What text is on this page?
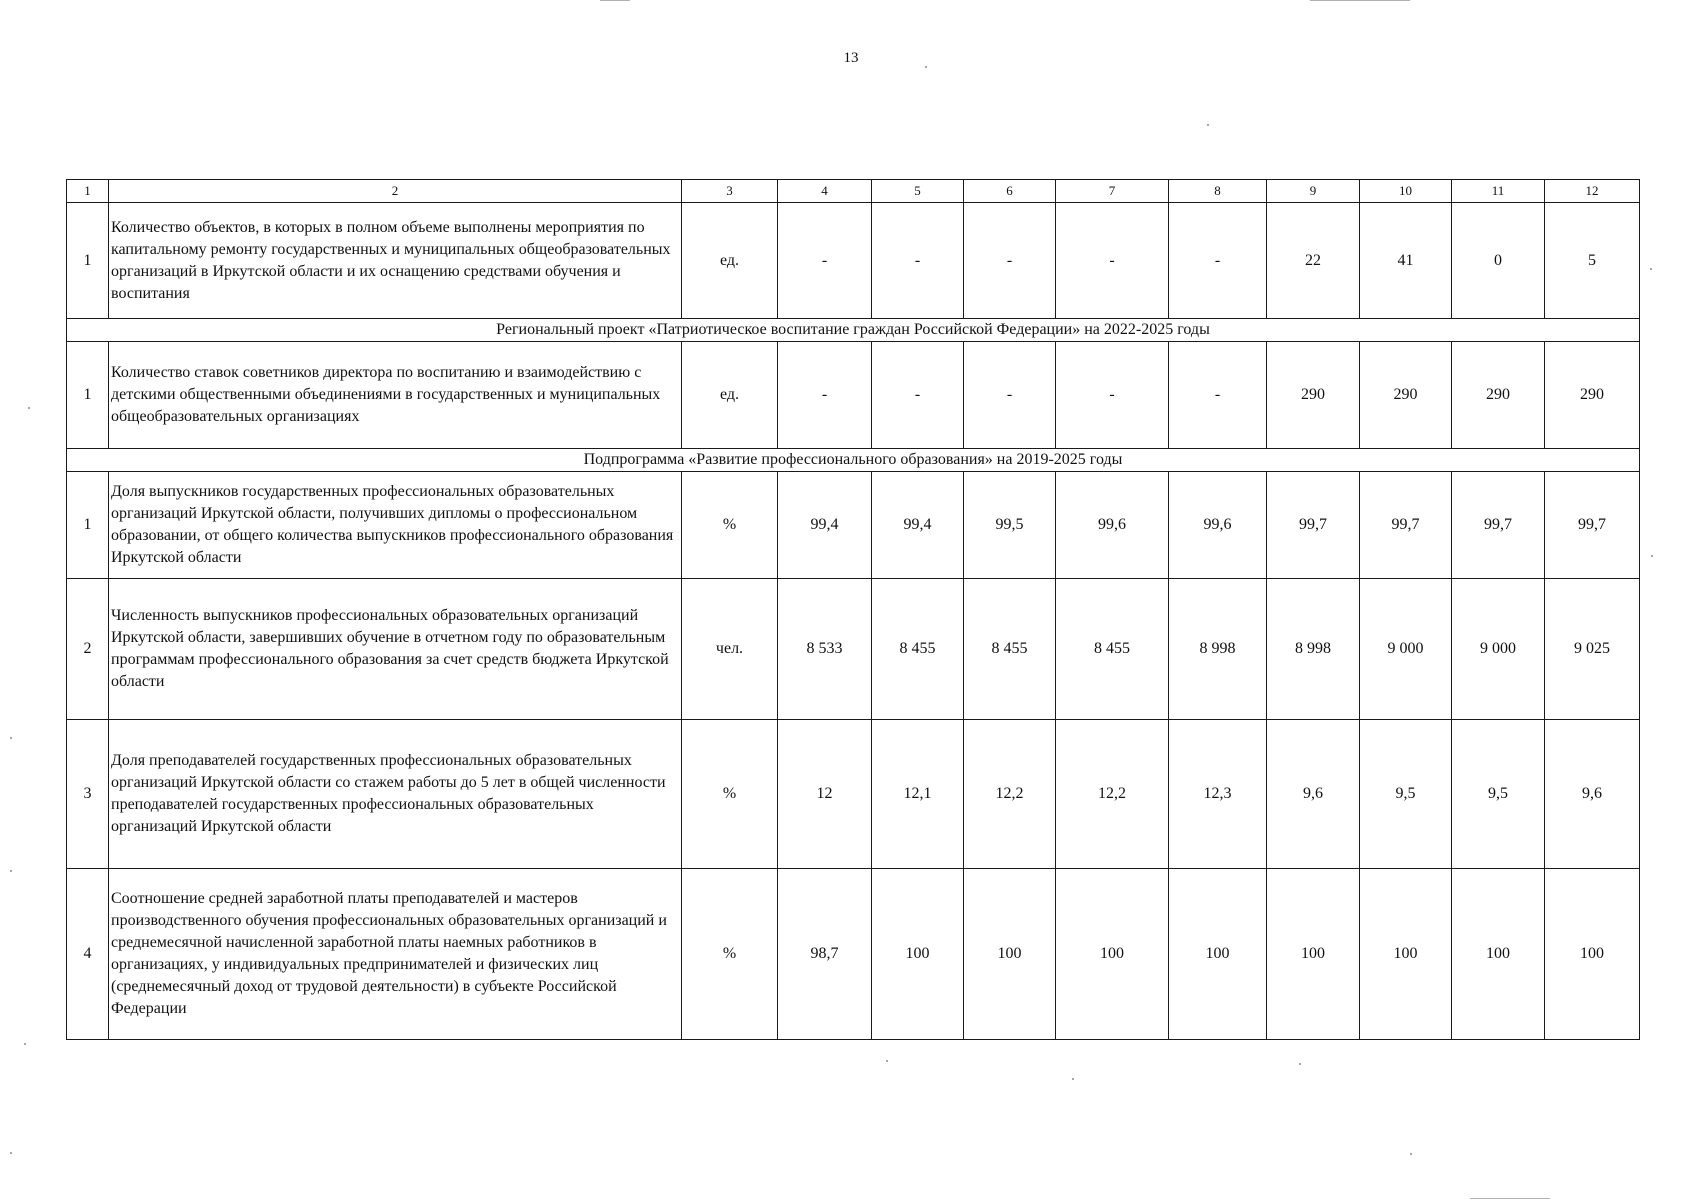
13
1	2	3	4	5	6	7	8	9	10	11	12
1	Количество объектов, в которых в полном объеме выполнены мероприятия по капитальному ремонту государственных и муниципальных общеобразовательных организаций в Иркутской области и их оснащению средствами обучения и воспитания	ед.	-	-	-	-	-	22	41	0	5
Региональный проект «Патриотическое воспитание граждан Российской Федерации» на 2022-2025 годы											
1	Количество ставок советников директора по воспитанию и взаимодействию с детскими общественными объединениями в государственных и муниципальных общеобразовательных организациях	ед.	-	-	-	-	-	290	290	290	290
Подпрограмма «Развитие профессионального образования» на 2019-2025 годы											
1	Доля выпускников государственных профессиональных образовательных организаций Иркутской области, получивших дипломы о профессиональном образовании, от общего количества выпускников профессионального образования Иркутской области	%	99,4	99,4	99,5	99,6	99,6	99,7	99,7	99,7	99,7
2	Численность выпускников профессиональных образовательных организаций Иркутской области, завершивших обучение в отчетном году по образовательным программам профессионального образования за счет средств бюджета Иркутской области	чел.	8 533	8 455	8 455	8 455	8 998	8 998	9 000	9 000	9 025
3	Доля преподавателей государственных профессиональных образовательных организаций Иркутской области со стажем работы до 5 лет в общей численности преподавателей государственных профессиональных образовательных организаций Иркутской области	%	12	12,1	12,2	12,2	12,3	9,6	9,5	9,5	9,6
4	Соотношение средней заработной платы преподавателей и мастеров производственного обучения профессиональных образовательных организаций и среднемесячной начисленной заработной платы наемных работников в организациях, у индивидуальных предпринимателей и физических лиц (среднемесячный доход от трудовой деятельности) в субъекте Российской Федерации	%	98,7	100	100	100	100	100	100	100	100
